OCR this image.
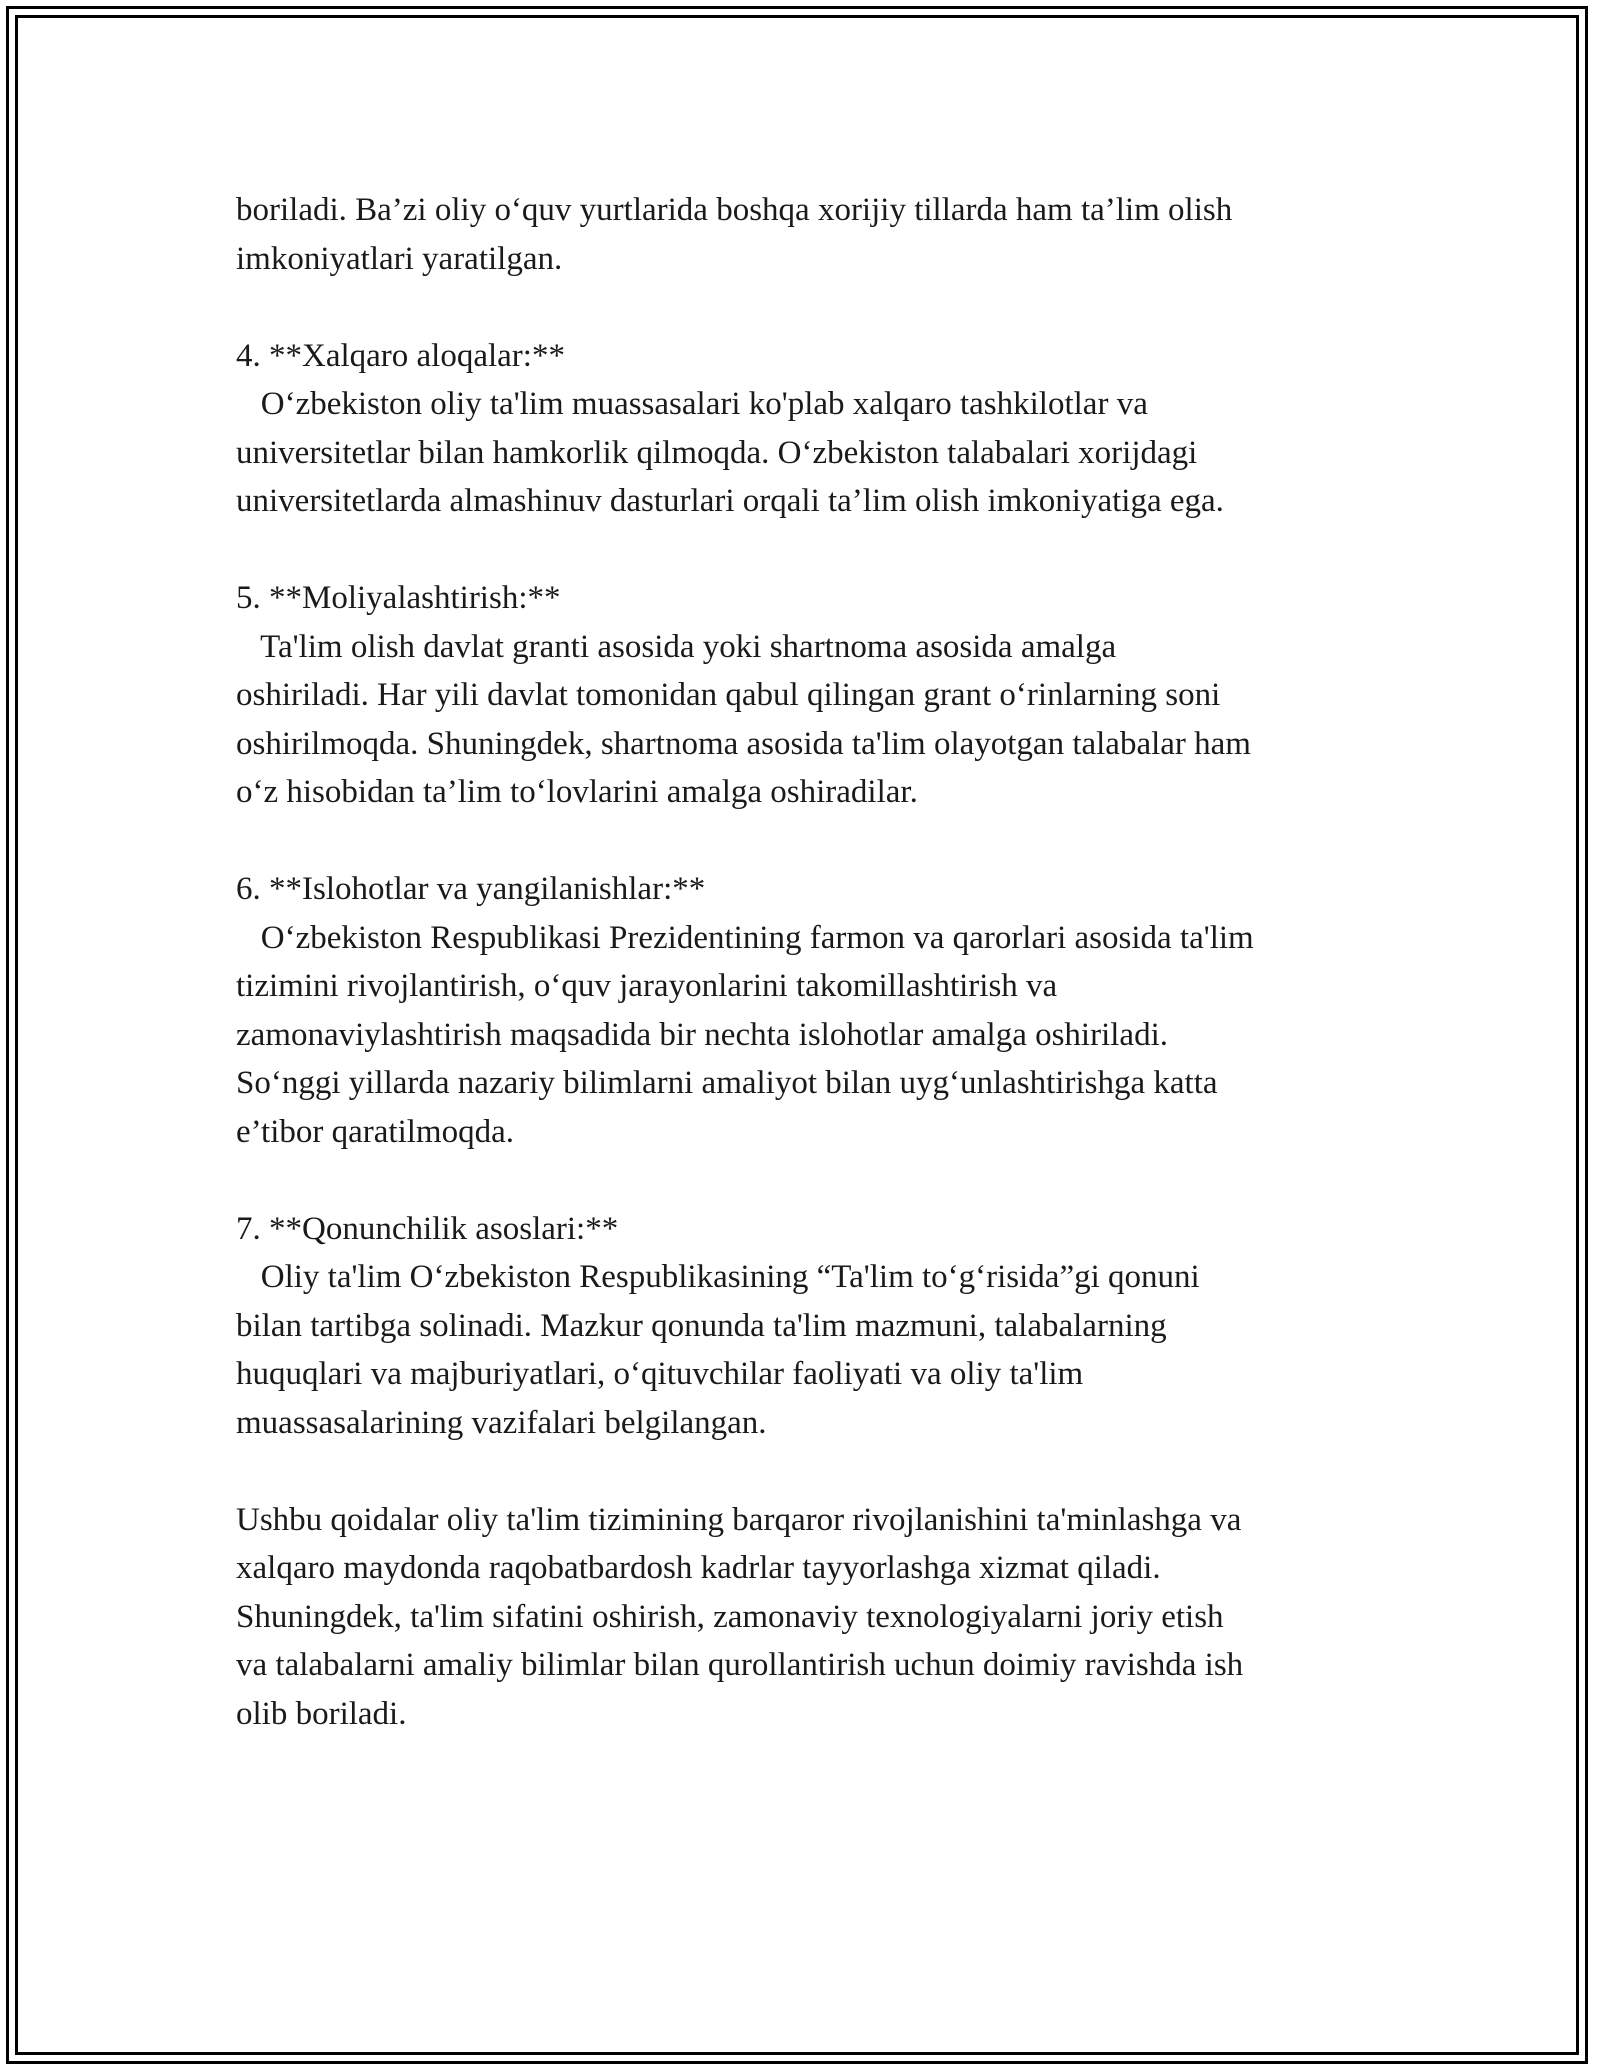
boriladi. Ba’zi oliy o‘quv yurtlarida boshqa xorijiy tillarda ham ta’lim olish
imkoniyatlari yaratilgan.
4. **Xalqaro aloqalar:**
O‘zbekiston oliy ta'lim muassasalari ko'plab xalqaro tashkilotlar va
universitetlar bilan hamkorlik qilmoqda. O‘zbekiston talabalari xorijdagi
universitetlarda almashinuv dasturlari orqali ta’lim olish imkoniyatiga ega.
5. **Moliyalashtirish:**
Ta'lim olish davlat granti asosida yoki shartnoma asosida amalga
oshiriladi. Har yili davlat tomonidan qabul qilingan grant o‘rinlarning soni
oshirilmoqda. Shuningdek, shartnoma asosida ta'lim olayotgan talabalar ham
o‘z hisobidan ta’lim to‘lovlarini amalga oshiradilar.
6. **Islohotlar va yangilanishlar:**
O‘zbekiston Respublikasi Prezidentining farmon va qarorlari asosida ta'lim
tizimini rivojlantirish, o‘quv jarayonlarini takomillashtirish va
zamonaviylashtirish maqsadida bir nechta islohotlar amalga oshiriladi.
So‘nggi yillarda nazariy bilimlarni amaliyot bilan uyg‘unlashtirishga katta
e’tibor qaratilmoqda.
7. **Qonunchilik asoslari:**
Oliy ta'lim O‘zbekiston Respublikasining “Ta'lim to‘g‘risida”gi qonuni
bilan tartibga solinadi. Mazkur qonunda ta'lim mazmuni, talabalarning
huquqlari va majburiyatlari, o‘qituvchilar faoliyati va oliy ta'lim
muassasalarining vazifalari belgilangan.
Ushbu qoidalar oliy ta'lim tizimining barqaror rivojlanishini ta'minlashga va
xalqaro maydonda raqobatbardosh kadrlar tayyorlashga xizmat qiladi.
Shuningdek, ta'lim sifatini oshirish, zamonaviy texnologiyalarni joriy etish
va talabalarni amaliy bilimlar bilan qurollantirish uchun doimiy ravishda ish
olib boriladi.
